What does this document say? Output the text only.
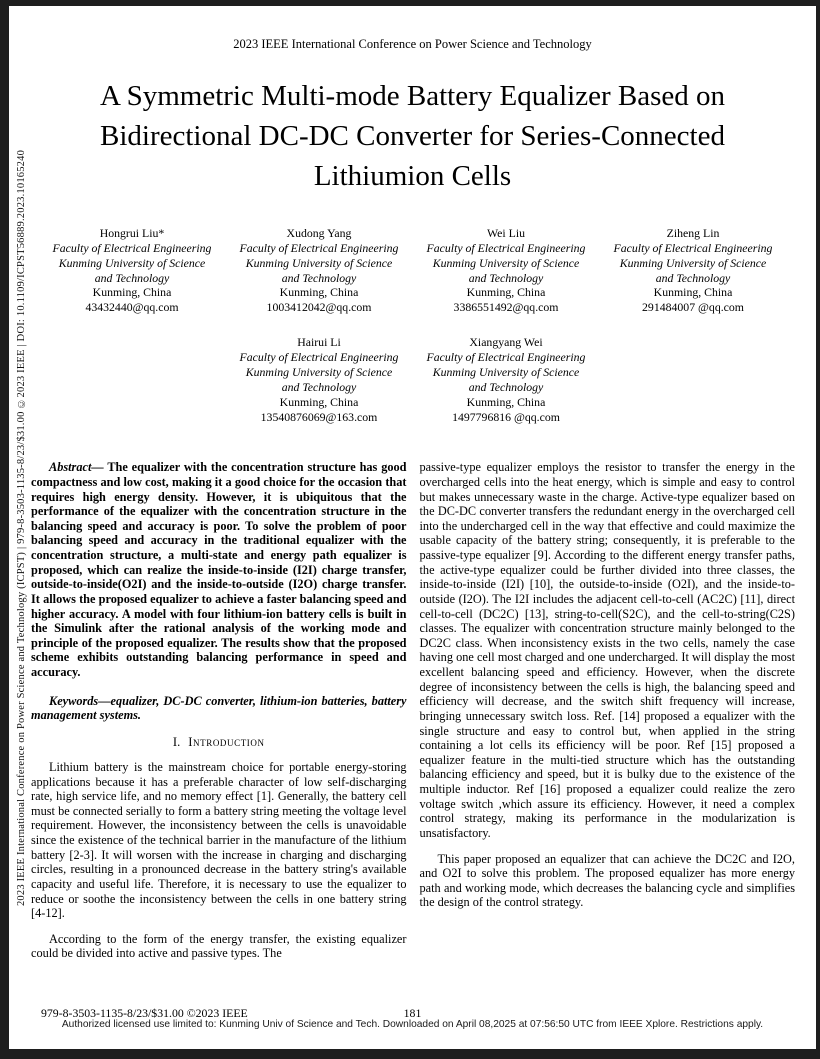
2023 IEEE International Conference on Power Science and Technology (ICPST) | 979-8-3503-1135-8/23/$31.00 ©2023 IEEE | DOI: 10.1109/ICPST56889.2023.10165240
2023 IEEE International Conference on Power Science and Technology
A Symmetric Multi-mode Battery Equalizer Based on
Bidirectional DC-DC Converter for Series-Connected
Lithiumion Cells
Hongrui Liu*
Faculty of Electrical Engineering
Kunming University of Science
and Technology
Kunming, China
43432440@qq.com
Xudong Yang
Faculty of Electrical Engineering
Kunming University of Science
and Technology
Kunming, China
1003412042@qq.com
Wei Liu
Faculty of Electrical Engineering
Kunming University of Science
and Technology
Kunming, China
3386551492@qq.com
Ziheng Lin
Faculty of Electrical Engineering
Kunming University of Science
and Technology
Kunming, China
291484007 @qq.com
Hairui Li
Faculty of Electrical Engineering
Kunming University of Science
and Technology
Kunming, China
13540876069@163.com
Xiangyang Wei
Faculty of Electrical Engineering
Kunming University of Science
and Technology
Kunming, China
1497796816 @qq.com

Abstract— The equalizer with the concentration structure has good compactness and low cost, making it a good choice for the occasion that requires high energy density. However, it is ubiquitous that the performance of the equalizer with the concentration structure in the balancing speed and accuracy is poor. To solve the problem of poor balancing speed and accuracy in the traditional equalizer with the concentration structure, a multi-state and energy path equalizer is proposed, which can realize the inside-to-inside (I2I) charge transfer, outside-to-inside(O2I) and the inside-to-outside (I2O) charge transfer. It allows the proposed equalizer to achieve a faster balancing speed and higher accuracy. A model with four lithium-ion battery cells is built in the Simulink after the rational analysis of the working mode and principle of the proposed equalizer. The results show that the proposed scheme exhibits outstanding balancing performance in speed and accuracy.

Keywords—equalizer, DC-DC converter, lithium-ion batteries, battery management systems.

I. Introduction

Lithium battery is the mainstream choice for portable energy-storing applications because it has a preferable character of low self-discharging rate, high service life, and no memory effect [1]. Generally, the battery cell must be connected serially to form a battery string meeting the voltage level requirement. However, the inconsistency between the cells is unavoidable since the existence of the technical barrier in the manufacture of the lithium battery [2-3]. It will worsen with the increase in charging and discharging circles, resulting in a pronounced decrease in the battery string's available capacity and useful life. Therefore, it is necessary to use the equalizer to reduce or soothe the inconsistency between the cells in one battery string [4-12].

According to the form of the energy transfer, the existing equalizer could be divided into active and passive types. The

passive-type equalizer employs the resistor to transfer the energy in the overcharged cells into the heat energy, which is simple and easy to control but makes unnecessary waste in the charge. Active-type equalizer based on the DC-DC converter transfers the redundant energy in the overcharged cell into the undercharged cell in the way that effective and could maximize the usable capacity of the battery string; consequently, it is preferable to the passive-type equalizer [9]. According to the different energy transfer paths, the active-type equalizer could be further divided into three classes, the inside-to-inside (I2I) [10], the outside-to-inside (O2I), and the inside-to-outside (I2O). The I2I includes the adjacent cell-to-cell (AC2C) [11], direct cell-to-cell (DC2C) [13], string-to-cell(S2C), and the cell-to-string(C2S) classes. The equalizer with concentration structure mainly belonged to the DC2C class. When inconsistency exists in the two cells, namely the case having one cell most charged and one undercharged. It will display the most excellent balancing speed and efficiency. However, when the discrete degree of inconsistency between the cells is high, the balancing speed and efficiency will decrease, and the switch shift frequency will increase, bringing unnecessary switch loss. Ref. [14] proposed a equalizer with the single structure and easy to control but, when applied in the string containing a lot cells its efficiency will be poor. Ref [15] proposed a equalizer feature in the multi-tied structure which has the outstanding balancing efficiency and speed, but it is bulky due to the existence of the multiple inductor. Ref [16] proposed a equalizer could realize the zero voltage switch ,which assure its efficiency. However, it need a complex control strategy, making its performance in the modularization is unsatisfactory.

This paper proposed an equalizer that can achieve the DC2C and I2O, and O2I to solve this problem. The proposed equalizer has more energy path and working mode, which decreases the balancing cycle and simplifies the design of the control strategy.

181
979-8-3503-1135-8/23/$31.00 ©2023 IEEE
Authorized licensed use limited to: Kunming Univ of Science and Tech. Downloaded on April 08,2025 at 07:56:50 UTC from IEEE Xplore. Restrictions apply.
